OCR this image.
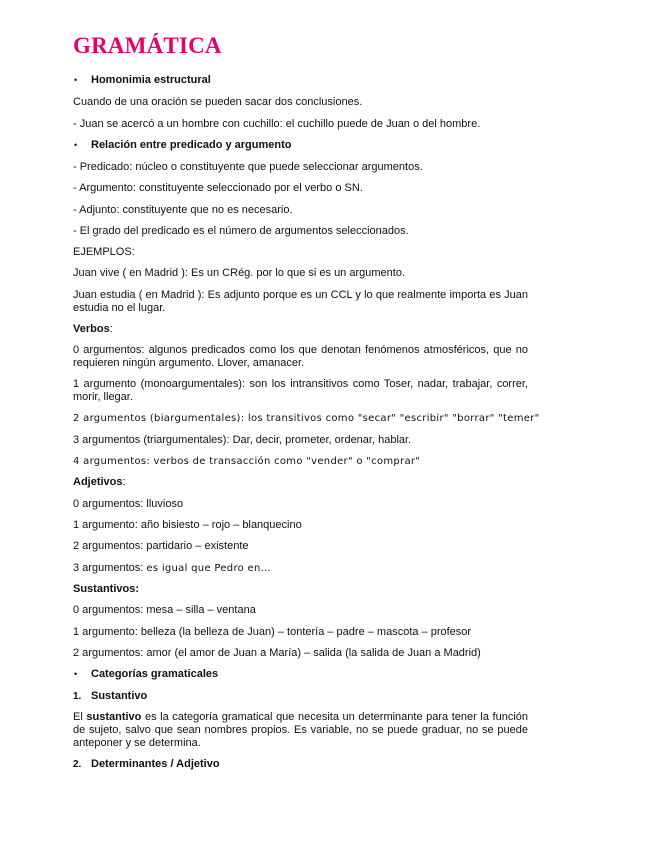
GRAMÁTICA
• Homonimia estructural
Cuando de una oración se pueden sacar dos conclusiones.
- Juan se acercó a un hombre con cuchillo: el cuchillo puede de Juan o del hombre.
• Relación entre predicado y argumento
- Predicado: núcleo o constituyente que puede seleccionar argumentos.
- Argumento: constituyente seleccionado por el verbo o SN.
- Adjunto: constituyente que no es necesario.
- El grado del predicado es el número de argumentos seleccionados.
EJEMPLOS:
Juan vive ( en Madrid ): Es un CRég. por lo que si es un argumento.
Juan estudia ( en Madrid ): Es adjunto porque es un CCL y lo que realmente importa es Juan estudia no el lugar.
Verbos:
0 argumentos: algunos predicados como los que denotan fenómenos atmosféricos, que no requieren ningún argumento. Llover, amanacer.
1 argumento (monoargumentales): son los intransitivos como Toser, nadar, trabajar, correr, morir, llegar.
2 argumentos (biargumentales): los transitivos como "secar" "escribir" "borrar" "temer"
3 argumentos (triargumentales): Dar, decir, prometer, ordenar, hablar.
4 argumentos: verbos de transacción como "vender" o "comprar"
Adjetivos:
0 argumentos: lluvioso
1 argumento: año bisiesto – rojo – blanquecino
2 argumentos: partidario – existente
3 argumentos: es igual que Pedro en…
Sustantivos:
0 argumentos: mesa – silla – ventana
1 argumento: belleza (la belleza de Juan) – tontería – padre – mascota – profesor
2 argumentos: amor (el amor de Juan a María) – salida (la salida de Juan a Madrid)
• Categorías gramaticales
1. Sustantivo
El sustantivo es la categoría gramatical que necesita un determinante para tener la función de sujeto, salvo que sean nombres propios. Es variable, no se puede graduar, no se puede anteponer y se determina.
2. Determinantes / Adjetivo
